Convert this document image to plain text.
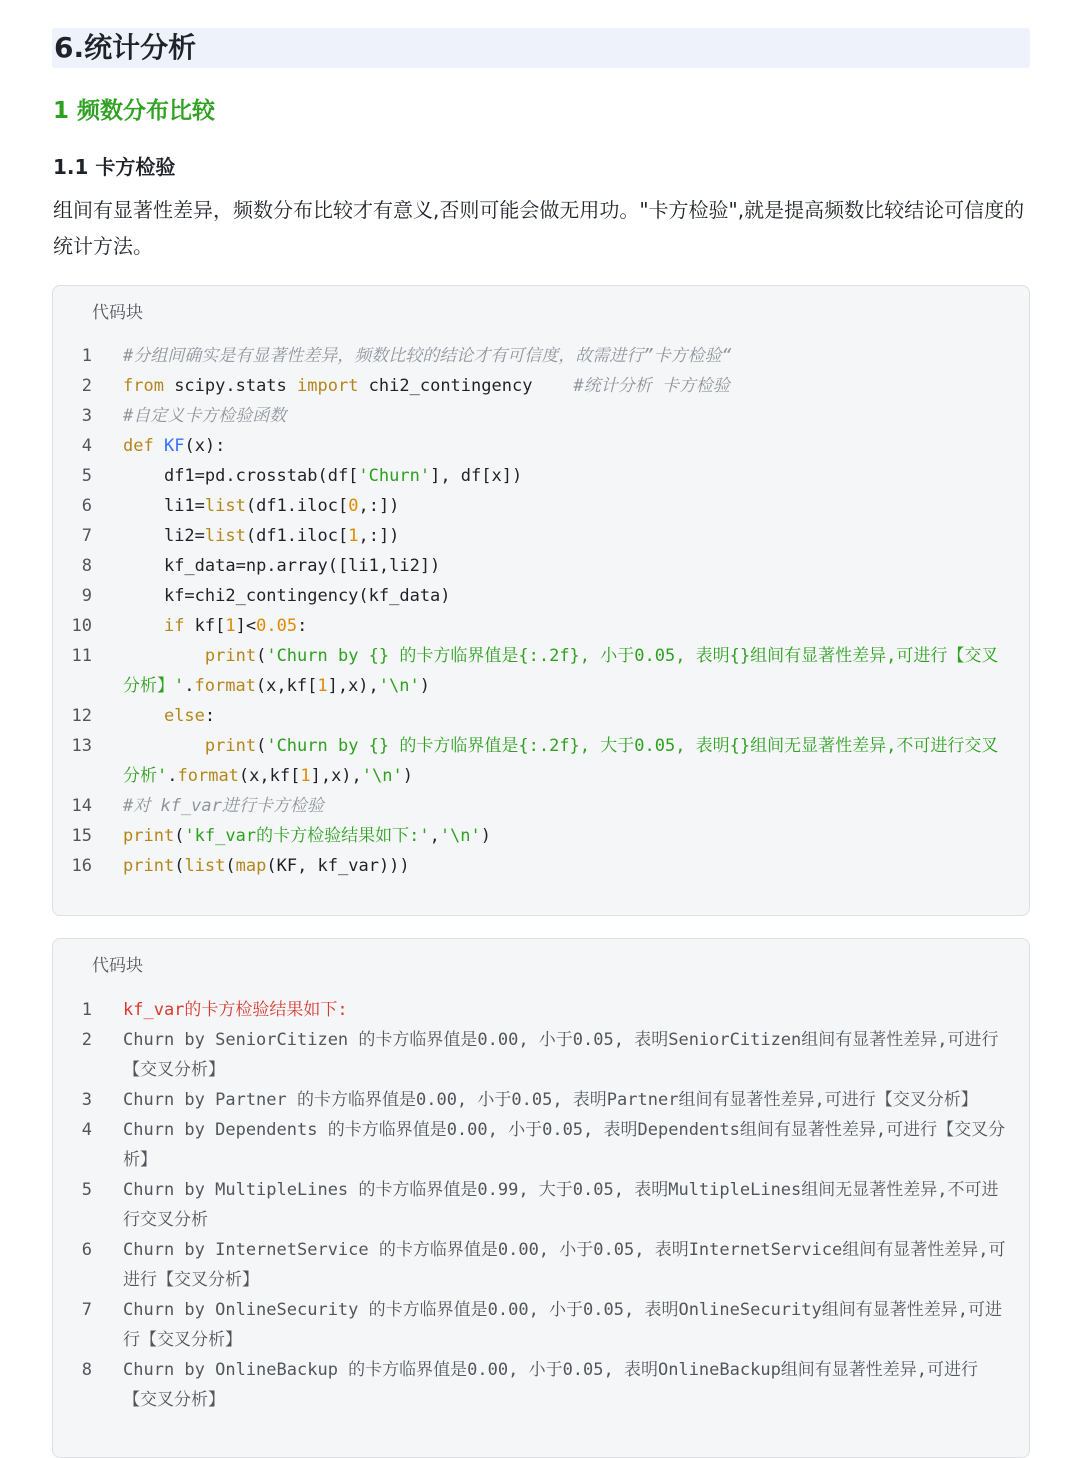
6.统计分析
1 频数分布比较
1.1 卡方检验

组间有显著性差异，频数分布比较才有意义,否则可能会做无用功。"卡方检验",就是提高频数比较结论可信度的统计方法。

代码块
1	#分组间确实是有显著性差异，频数比较的结论才有可信度，故需进行”卡方检验“
2	from scipy.stats import chi2_contingency    #统计分析 卡方检验
3	#自定义卡方检验函数
4	def KF(x):
5	df1=pd.crosstab(df['Churn'], df[x])
6	li1=list(df1.iloc[0,:])
7	li2=list(df1.iloc[1,:])
8	kf_data=np.array([li1,li2])
9	kf=chi2_contingency(kf_data)
10	if kf[1]<0.05:
11	print('Churn by {} 的卡方临界值是{:.2f}, 小于0.05, 表明{}组间有显著性差异,可进行【交叉分析】'.format(x,kf[1],x),'\n')
12	else:
13	print('Churn by {} 的卡方临界值是{:.2f}, 大于0.05, 表明{}组间无显著性差异,不可进行交叉分析'.format(x,kf[1],x),'\n')
14	#对 kf_var进行卡方检验
15	print('kf_var的卡方检验结果如下:','\n')
16	print(list(map(KF, kf_var)))
代码块
1	kf_var的卡方检验结果如下:
2	Churn by SeniorCitizen 的卡方临界值是0.00, 小于0.05, 表明SeniorCitizen组间有显著性差异,可进行【交叉分析】
3	Churn by Partner 的卡方临界值是0.00, 小于0.05, 表明Partner组间有显著性差异,可进行【交叉分析】
4	Churn by Dependents 的卡方临界值是0.00, 小于0.05, 表明Dependents组间有显著性差异,可进行【交叉分析】
5	Churn by MultipleLines 的卡方临界值是0.99, 大于0.05, 表明MultipleLines组间无显著性差异,不可进行交叉分析
6	Churn by InternetService 的卡方临界值是0.00, 小于0.05, 表明InternetService组间有显著性差异,可进行【交叉分析】
7	Churn by OnlineSecurity 的卡方临界值是0.00, 小于0.05, 表明OnlineSecurity组间有显著性差异,可进行【交叉分析】
8	Churn by OnlineBackup 的卡方临界值是0.00, 小于0.05, 表明OnlineBackup组间有显著性差异,可进行【交叉分析】
